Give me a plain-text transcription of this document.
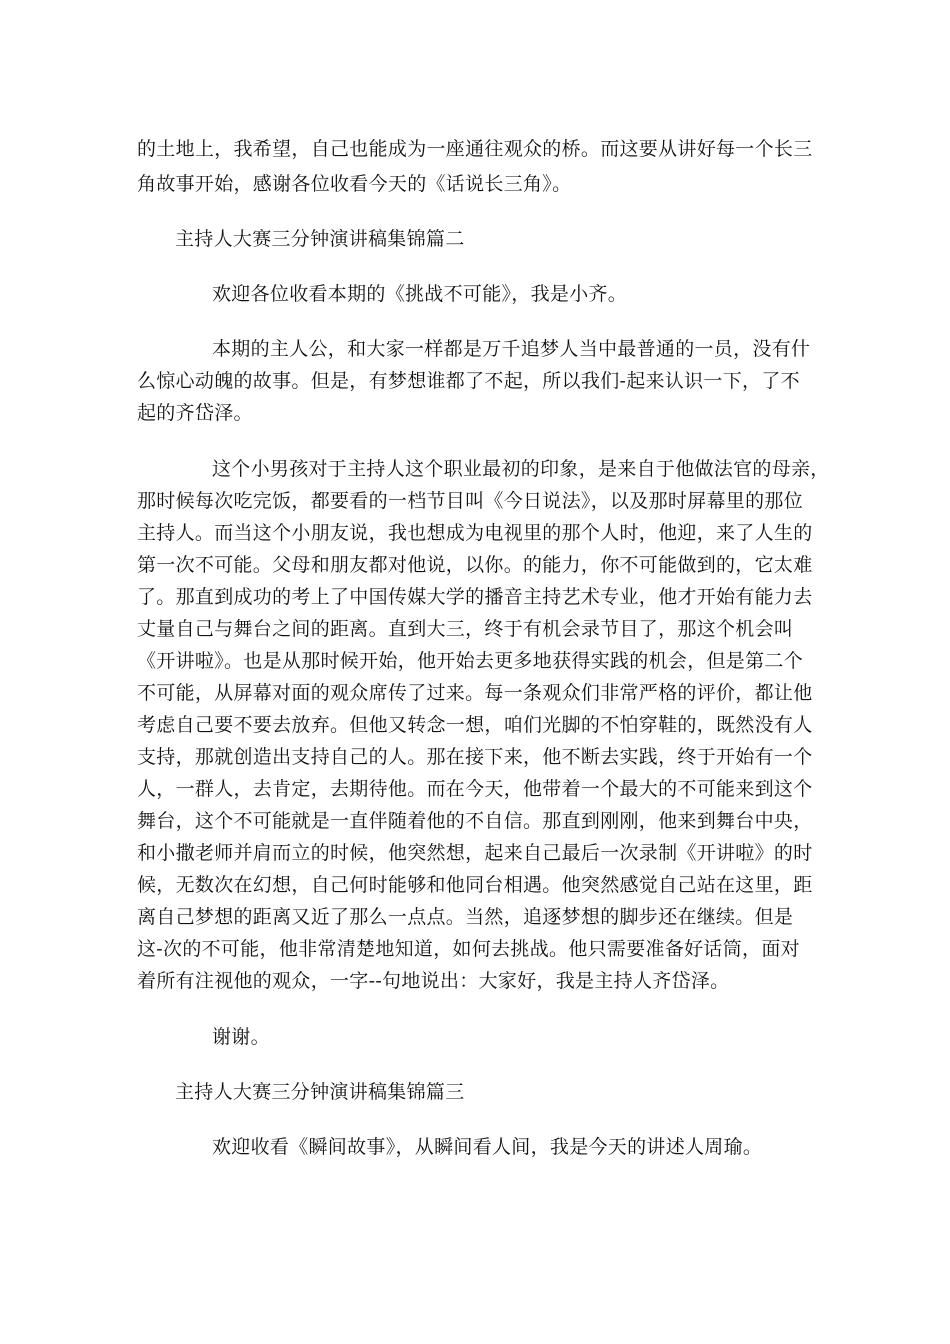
的土地上，我希望，自己也能成为一座通往观众的桥。而这要从讲好每一个长三
角故事开始，感谢各位收看今天的《话说长三角》。
主持人大赛三分钟演讲稿集锦篇二
欢迎各位收看本期的《挑战不可能》，我是小齐。
本期的主人公，和大家一样都是万千追梦人当中最普通的一员，没有什
么惊心动魄的故事。但是，有梦想谁都了不起，所以我们-起来认识一下，了不
起的齐岱泽。
这个小男孩对于主持人这个职业最初的印象，是来自于他做法官的母亲，
那时候每次吃完饭，都要看的一档节目叫《今日说法》，以及那时屏幕里的那位
主持人。而当这个小朋友说，我也想成为电视里的那个人时，他迎，来了人生的
第一次不可能。父母和朋友都对他说，以你。的能力，你不可能做到的，它太难
了。那直到成功的考上了中国传媒大学的播音主持艺术专业，他才开始有能力去
丈量自己与舞台之间的距离。直到大三，终于有机会录节目了，那这个机会叫
《开讲啦》。也是从那时候开始，他开始去更多地获得实践的机会，但是第二个
不可能，从屏幕对面的观众席传了过来。每一条观众们非常严格的评价，都让他
考虑自己要不要去放弃。但他又转念一想，咱们光脚的不怕穿鞋的，既然没有人
支持，那就创造出支持自己的人。那在接下来，他不断去实践，终于开始有一个
人，一群人，去肯定，去期待他。而在今天，他带着一个最大的不可能来到这个
舞台，这个不可能就是一直伴随着他的不自信。那直到刚刚，他来到舞台中央，
和小撒老师并肩而立的时候，他突然想，起来自己最后一次录制《开讲啦》的时
候，无数次在幻想，自己何时能够和他同台相遇。他突然感觉自己站在这里，距
离自己梦想的距离又近了那么一点点。当然，追逐梦想的脚步还在继续。但是
这-次的不可能，他非常清楚地知道，如何去挑战。他只需要准备好话筒，面对
着所有注视他的观众，一字--句地说出：大家好，我是主持人齐岱泽。
谢谢。
主持人大赛三分钟演讲稿集锦篇三
欢迎收看《瞬间故事》，从瞬间看人间，我是今天的讲述人周瑜。
